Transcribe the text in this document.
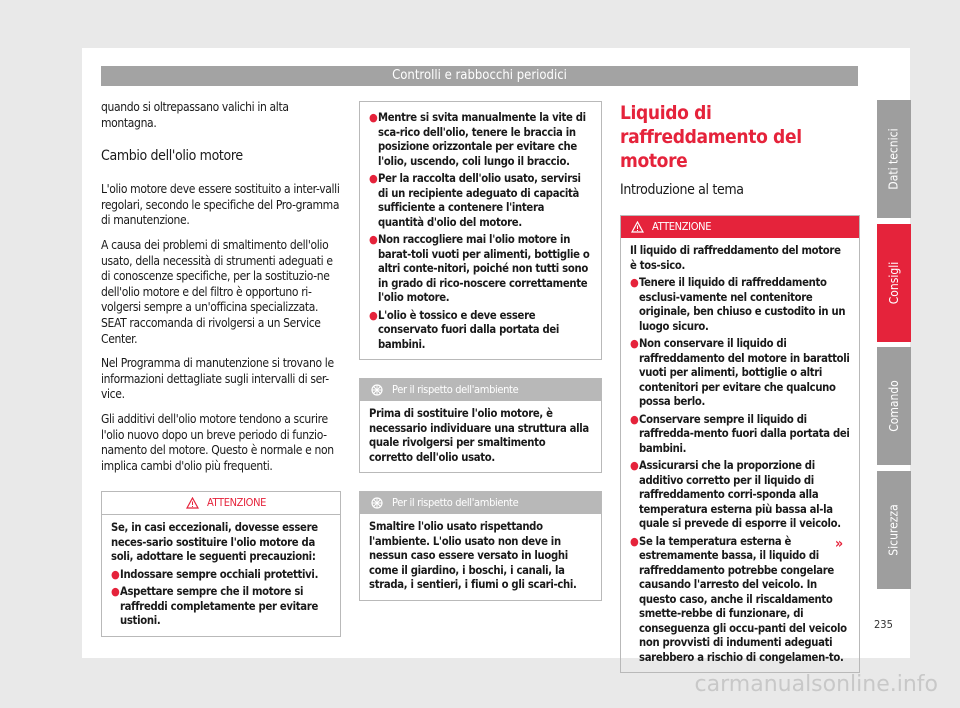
Controlli e rabbocchi periodici

quando si oltrepassano valichi in alta montagna.

Cambio dell'olio motore

L'olio motore deve essere sostituito a inter-valli regolari, secondo le specifiche del Pro-gramma di manutenzione.

A causa dei problemi di smaltimento dell'olio usato, della necessità di strumenti adeguati e di conoscenze specifiche, per la sostituzio-ne dell'olio motore e del filtro è opportuno ri-volgersi sempre a un'officina specializzata. SEAT raccomanda di rivolgersi a un Service Center.

Nel Programma di manutenzione si trovano le informazioni dettagliate sugli intervalli di ser-vice.

Gli additivi dell'olio motore tendono a scurire l'olio nuovo dopo un breve periodo di funzio-namento del motore. Questo è normale e non implica cambi d'olio più frequenti.

ATTENZIONE

Se, in casi eccezionali, dovesse essere neces-sario sostituire l'olio motore da soli, adottare le seguenti precauzioni:

● Indossare sempre occhiali protettivi.
● Aspettare sempre che il motore si raffreddi completamente per evitare ustioni.
● Mentre si svita manualmente la vite di sca-rico dell'olio, tenere le braccia in posizione orizzontale per evitare che l'olio, uscendo, coli lungo il braccio.
● Per la raccolta dell'olio usato, servirsi di un recipiente adeguato di capacità sufficiente a contenere l'intera quantità d'olio del motore.
● Non raccogliere mai l'olio motore in barat-toli vuoti per alimenti, bottiglie o altri conte-nitori, poiché non tutti sono in grado di rico-noscere correttamente l'olio motore.
● L'olio è tossico e deve essere conservato fuori dalla portata dei bambini.
Per il rispetto dell'ambiente

Prima di sostituire l'olio motore, è necessario individuare una struttura alla quale rivolgersi per smaltimento corretto dell'olio usato.

Per il rispetto dell'ambiente

Smaltire l'olio usato rispettando l'ambiente. L'olio usato non deve in nessun caso essere versato in luoghi come il giardino, i boschi, i canali, la strada, i sentieri, i fiumi o gli scari-chi.

Liquido di raffreddamento del motore
Introduzione al tema
ATTENZIONE

Il liquido di raffreddamento del motore è tos-sico.

● Tenere il liquido di raffreddamento esclusi-vamente nel contenitore originale, ben chiuso e custodito in un luogo sicuro.
● Non conservare il liquido di raffreddamento del motore in barattoli vuoti per alimenti, bottiglie o altri contenitori per evitare che qualcuno possa berlo.
● Conservare sempre il liquido di raffredda-mento fuori dalla portata dei bambini.
● Assicurarsi che la proporzione di additivo corretto per il liquido di raffreddamento corri-sponda alla temperatura esterna più bassa al-la quale si prevede di esporre il veicolo.
● Se la temperatura esterna è estremamente bassa, il liquido di raffreddamento potrebbe congelare causando l'arresto del veicolo. In questo caso, anche il riscaldamento smette-rebbe di funzionare, di conseguenza gli occu-panti del veicolo non provvisti di indumenti adeguati sarebbero a rischio di congelamen-to.
»
Dati tecnici
Consigli
Comando
Sicurezza
235
carmanualsonline.info
